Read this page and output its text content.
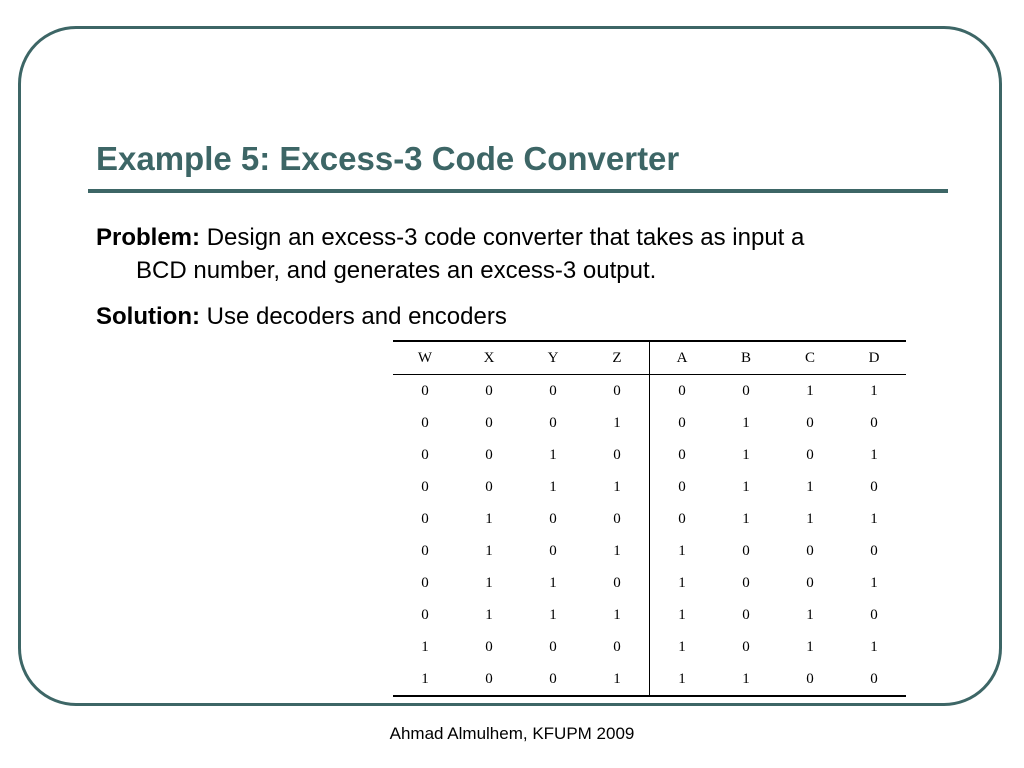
Example 5: Excess-3 Code Converter
Problem: Design an excess-3 code converter that takes as input a
BCD number, and generates an excess-3 output.
Solution: Use decoders and encoders
W	X	Y	Z	A	B	C	D
0	0	0	0	0	0	1	1
0	0	0	1	0	1	0	0
0	0	1	0	0	1	0	1
0	0	1	1	0	1	1	0
0	1	0	0	0	1	1	1
0	1	0	1	1	0	0	0
0	1	1	0	1	0	0	1
0	1	1	1	1	0	1	0
1	0	0	0	1	0	1	1
1	0	0	1	1	1	0	0
Ahmad Almulhem, KFUPM 2009
